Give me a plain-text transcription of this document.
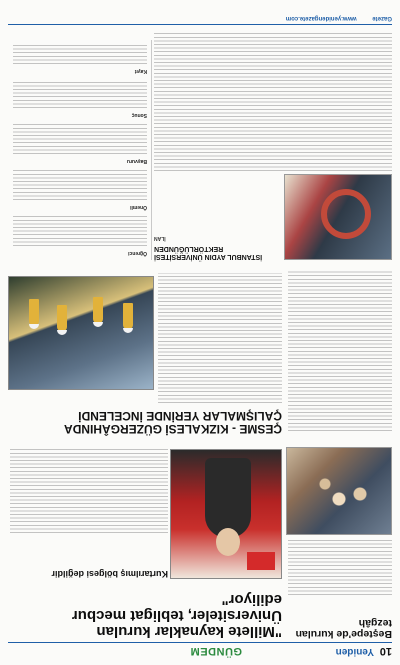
10
Yeniden
GÜNDEM
Beştepe'de kurulan tezgâh
"Millete kaynaklar kurulan Üniversiteler, tebligat mecbur ediliyor"
Kurtarılmış bölgesi değildir
ÇESME - KIZKALESİ GÜZERGÂHINDA ÇALIŞMALAR YERİNDE İNCELENDİ
İSTANBUL AYDIN ÜNİVERSİTESİ REKTÖRLÜĞÜNDEN
İLAN
Öğrenci
Önemli
Başvuru
Sonuç
Kayıt
Gazete www.yenidengazete.com
